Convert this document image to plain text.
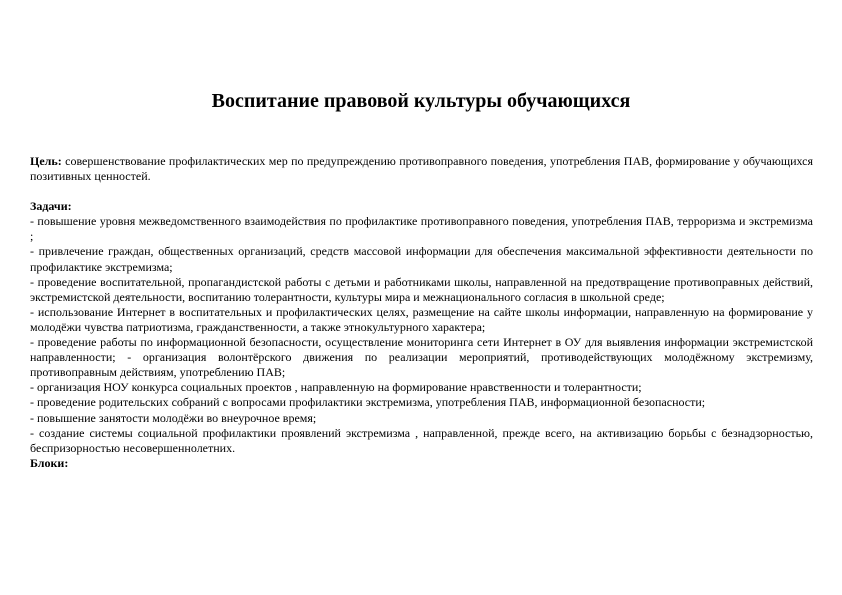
Воспитание правовой культуры обучающихся

Цель: совершенствование профилактических мер по предупреждению противоправного поведения, употребления ПАВ, формирование у обучающихся позитивных ценностей.

Задачи:

- повышение уровня межведомственного взаимодействия по профилактике противоправного поведения, употребления ПАВ, терроризма и экстремизма ;

- привлечение граждан, общественных организаций, средств массовой информации для обеспечения максимальной эффективности деятельности по профилактике экстремизма;

- проведение воспитательной, пропагандистской работы с детьми и работниками школы, направленной на предотвращение противоправных действий, экстремистской деятельности, воспитанию толерантности, культуры мира и межнационального согласия в школьной среде;

- использование Интернет в воспитательных и профилактических целях, размещение на сайте школы информации, направленную на формирование у молодёжи чувства патриотизма, гражданственности, а также этнокультурного характера;

- проведение работы по информационной безопасности, осуществление мониторинга сети Интернет в ОУ для выявления информации экстремистской направленности; - организация волонтёрского движения по реализации мероприятий, противодействующих молодёжному экстремизму, противоправным действиям, употреблению ПАВ;

- организация НОУ конкурса социальных проектов , направленную на формирование нравственности и толерантности;

- проведение родительских собраний с вопросами профилактики экстремизма, употребления ПАВ, информационной безопасности;

- повышение занятости молодёжи во внеурочное время;

- создание системы социальной профилактики проявлений экстремизма , направленной, прежде всего, на активизацию борьбы с безнадзорностью, беспризорностью несовершеннолетних.

Блоки:
